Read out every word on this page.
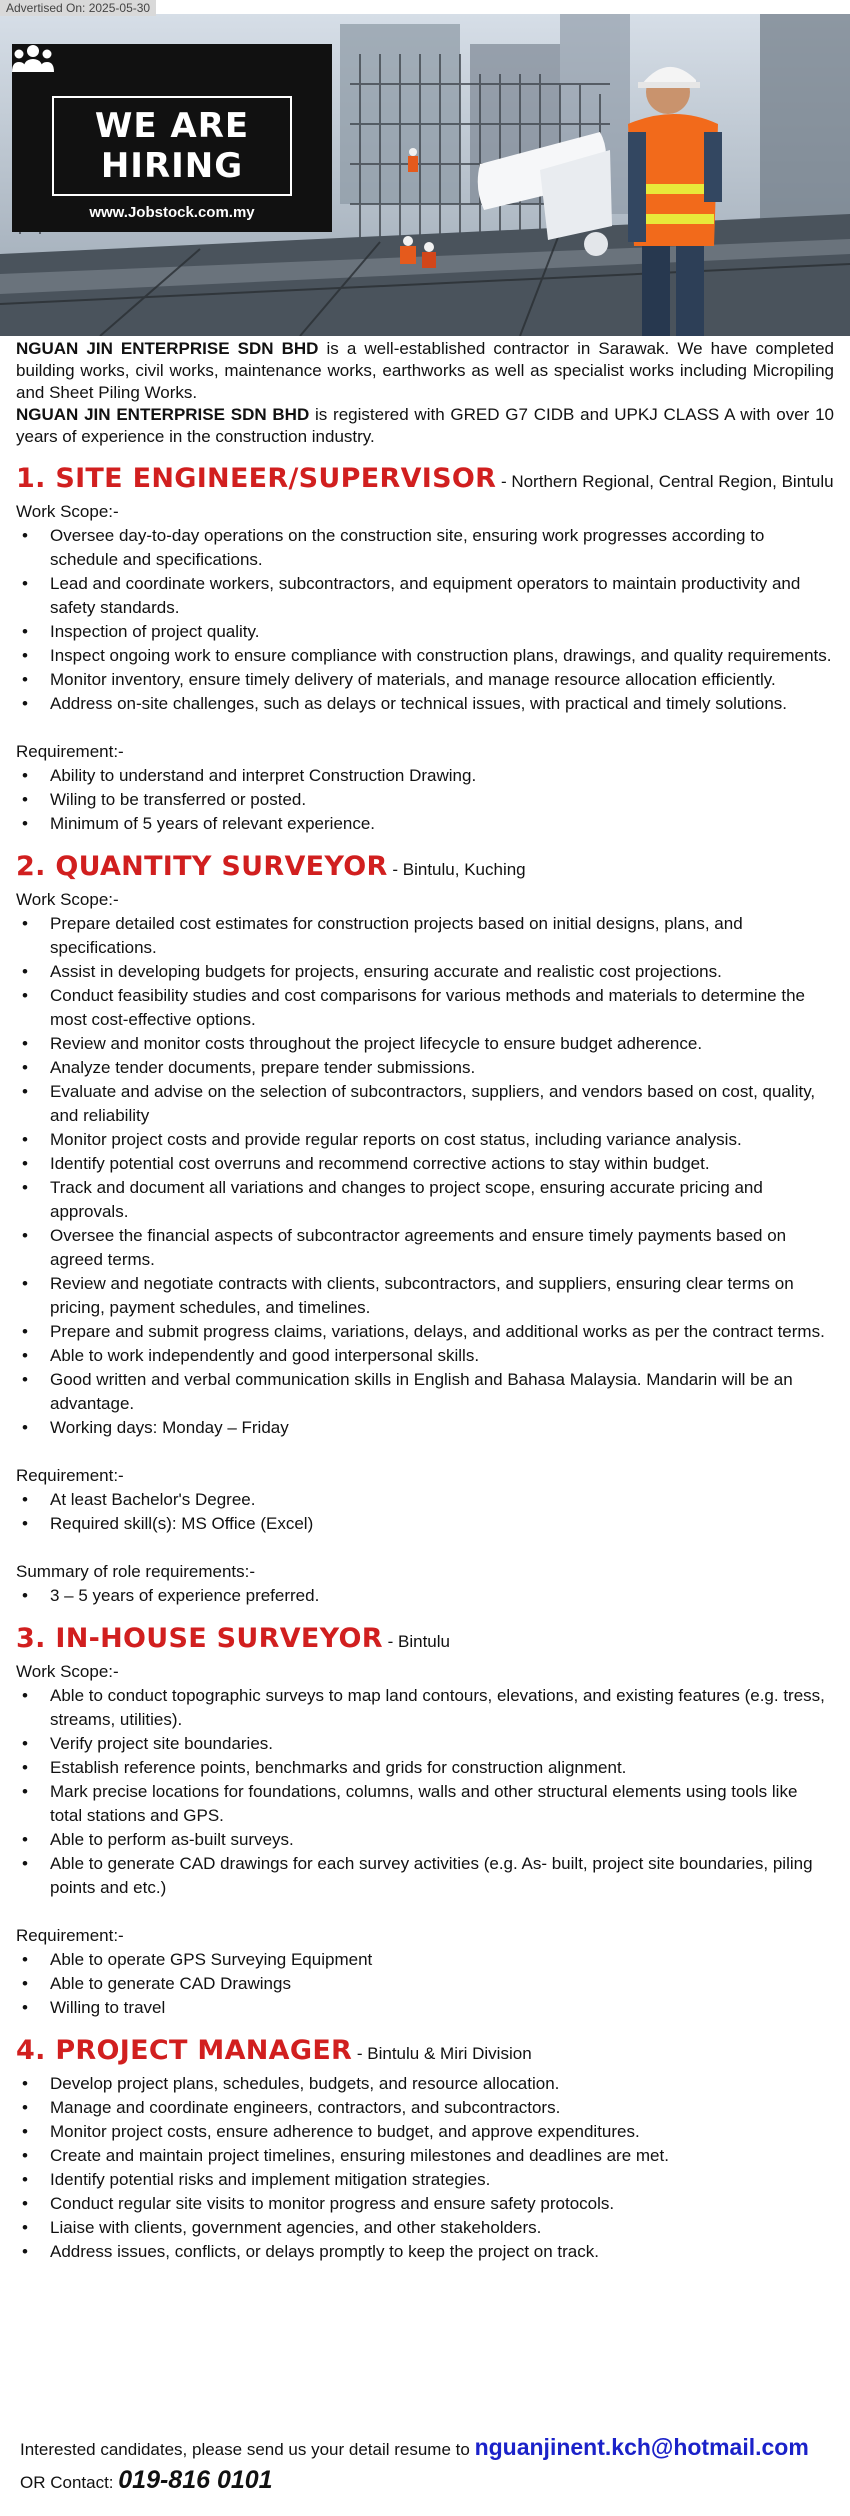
Advertised On: 2025-05-30
WE ARE
HIRING
www.Jobstock.com.my

NGUAN JIN ENTERPRISE SDN BHD is a well-established contractor in Sarawak. We have completed building works, civil works, maintenance works, earthworks as well as specialist works including Micropiling and Sheet Piling Works.

NGUAN JIN ENTERPRISE SDN BHD is registered with GRED G7 CIDB and UPKJ CLASS A with over 10 years of experience in the construction industry.

1. SITE ENGINEER/SUPERVISOR - Northern Regional, Central Region, Bintulu
Work Scope:-
• Oversee day-to-day operations on the construction site, ensuring work progresses according to schedule and specifications.
• Lead and coordinate workers, subcontractors, and equipment operators to maintain productivity and safety standards.
• Inspection of project quality.
• Inspect ongoing work to ensure compliance with construction plans, drawings, and quality requirements.
• Monitor inventory, ensure timely delivery of materials, and manage resource allocation efficiently.
• Address on-site challenges, such as delays or technical issues, with practical and timely solutions.
Requirement:-
• Ability to understand and interpret Construction Drawing.
• Wiling to be transferred or posted.
• Minimum of 5 years of relevant experience.
2. QUANTITY SURVEYOR - Bintulu, Kuching
Work Scope:-
• Prepare detailed cost estimates for construction projects based on initial designs, plans, and specifications.
• Assist in developing budgets for projects, ensuring accurate and realistic cost projections.
• Conduct feasibility studies and cost comparisons for various methods and materials to determine the most cost-effective options.
• Review and monitor costs throughout the project lifecycle to ensure budget adherence.
• Analyze tender documents, prepare tender submissions.
• Evaluate and advise on the selection of subcontractors, suppliers, and vendors based on cost, quality, and reliability
• Monitor project costs and provide regular reports on cost status, including variance analysis.
• Identify potential cost overruns and recommend corrective actions to stay within budget.
• Track and document all variations and changes to project scope, ensuring accurate pricing and approvals.
• Oversee the financial aspects of subcontractor agreements and ensure timely payments based on agreed terms.
• Review and negotiate contracts with clients, subcontractors, and suppliers, ensuring clear terms on pricing, payment schedules, and timelines.
• Prepare and submit progress claims, variations, delays, and additional works as per the contract terms.
• Able to work independently and good interpersonal skills.
• Good written and verbal communication skills in English and Bahasa Malaysia. Mandarin will be an advantage.
• Working days: Monday – Friday
Requirement:-
• At least Bachelor's Degree.
• Required skill(s): MS Office (Excel)
Summary of role requirements:-
• 3 – 5 years of experience preferred.
3. IN-HOUSE SURVEYOR - Bintulu
Work Scope:-
• Able to conduct topographic surveys to map land contours, elevations, and existing features (e.g. tress, streams, utilities).
• Verify project site boundaries.
• Establish reference points, benchmarks and grids for construction alignment.
• Mark precise locations for foundations, columns, walls and other structural elements using tools like total stations and GPS.
• Able to perform as-built surveys.
• Able to generate CAD drawings for each survey activities (e.g. As- built, project site boundaries, piling points and etc.)
Requirement:-
• Able to operate GPS Surveying Equipment
• Able to generate CAD Drawings
• Willing to travel
4. PROJECT MANAGER - Bintulu & Miri Division
• Develop project plans, schedules, budgets, and resource allocation.
• Manage and coordinate engineers, contractors, and subcontractors.
• Monitor project costs, ensure adherence to budget, and approve expenditures.
• Create and maintain project timelines, ensuring milestones and deadlines are met.
• Identify potential risks and implement mitigation strategies.
• Conduct regular site visits to monitor progress and ensure safety protocols.
• Liaise with clients, government agencies, and other stakeholders.
• Address issues, conflicts, or delays promptly to keep the project on track.
Interested candidates, please send us your detail resume to nguanjinent.kch@hotmail.com
OR Contact: 019-816 0101
